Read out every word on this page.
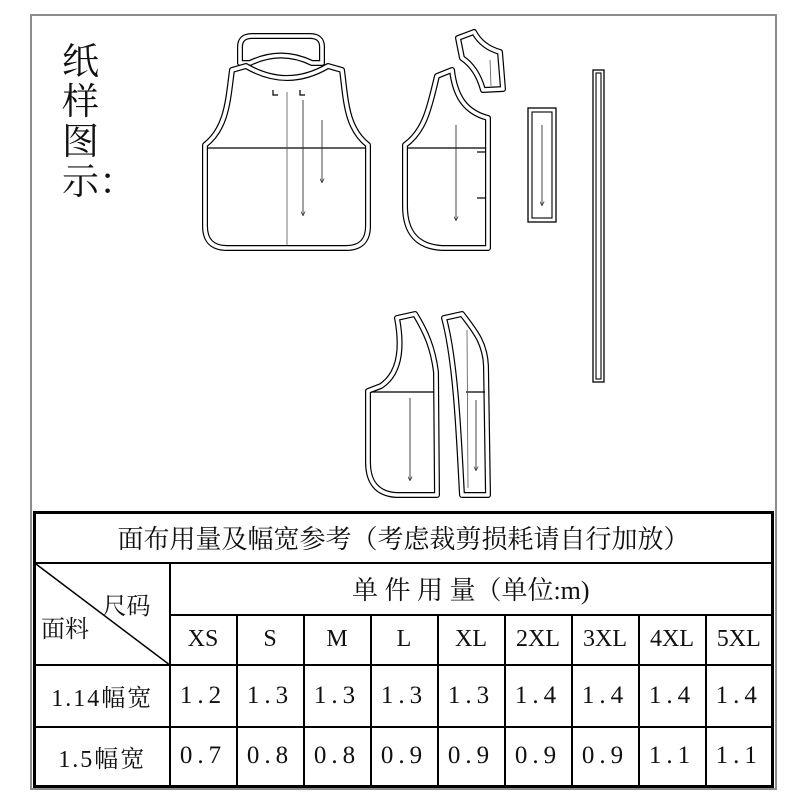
纸样图示：
面布用量及幅宽参考（考虑裁剪损耗请自行加放）									

尺码
面料	单 件 用 量（单位:m)								
	XS	S	M	L	XL	2XL	3XL	4XL	5XL
1.14幅宽	1.2	1.3	1.3	1.3	1.3	1.4	1.4	1.4	1.4
1.5幅宽	0.7	0.8	0.8	0.9	0.9	0.9	0.9	1.1	1.1
